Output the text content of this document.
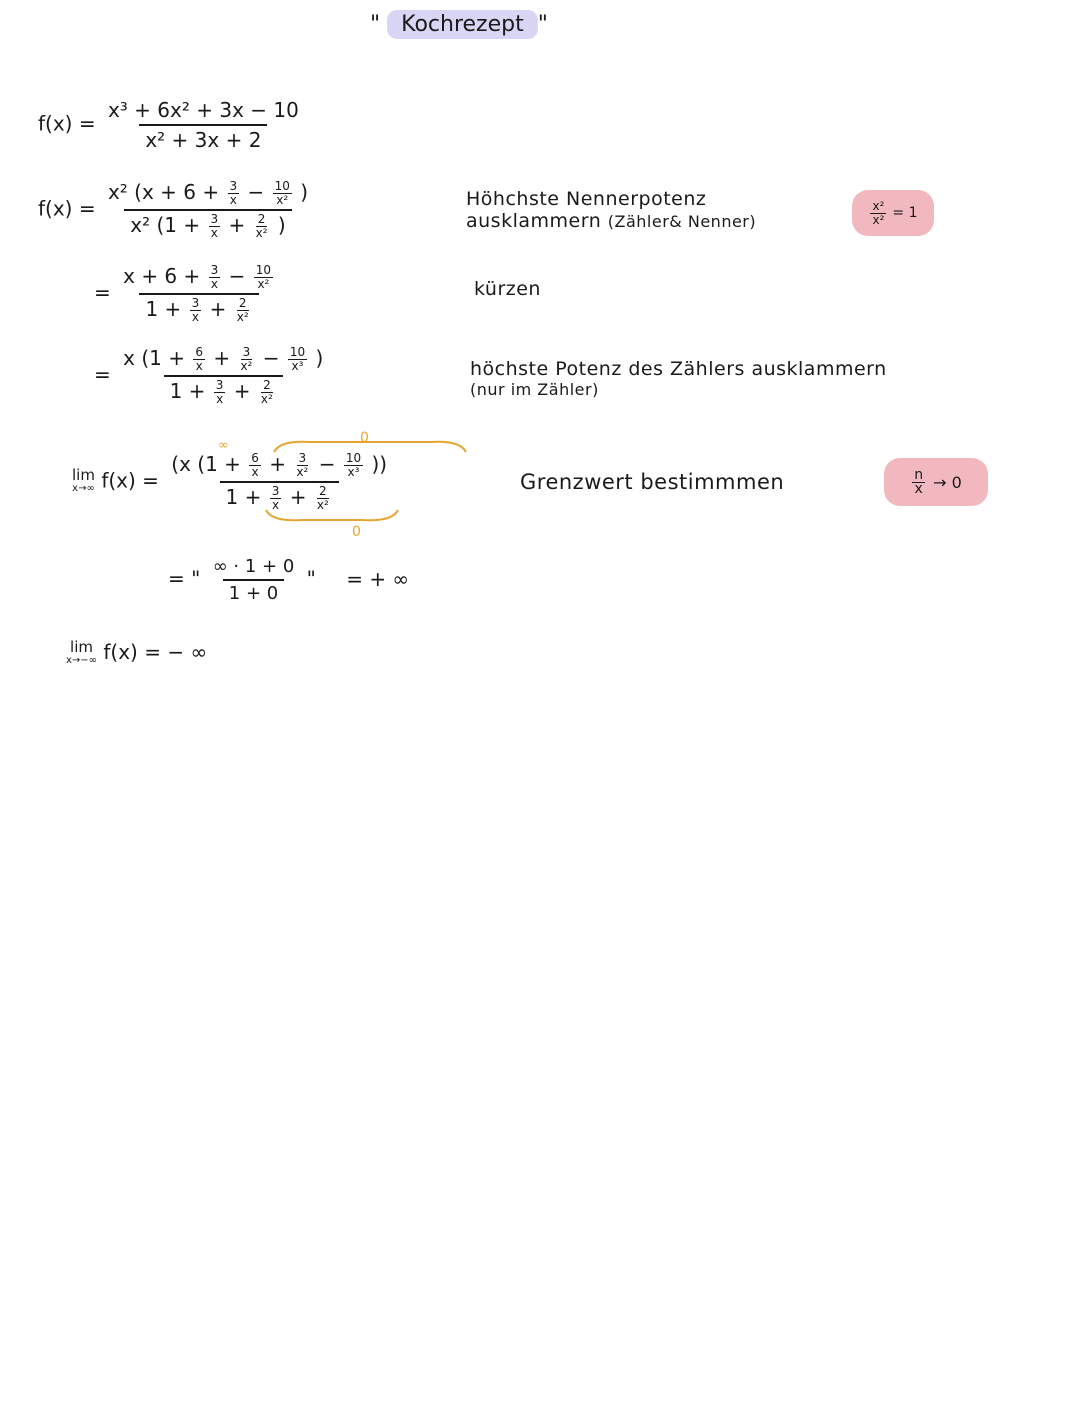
" Kochrezept "
$f(x) = \frac{\text{x³ + 6x² + 3x − 10}}{\text{x² + 3x + 2}}$
$f(x) = \frac{x^2 (x + 6 + \frac{3}{x} - \frac{10}{\text{x²}} )}{x^2 (1 + \frac{3}{x} + \frac{2}{\text{x²}} )}$
= $\frac{x + 6 + \frac{3}{x} - \frac{10}{\text{x²}}}{1 + \frac{3}{x} + \frac{2}{\text{x²}}}$
= $\frac{x (1 + \frac{6}{x} + \frac{3}{\text{x²}} - \frac{10}{\text{x³}} )}{1 + \frac{3}{x} + \frac{2}{\text{x²}}}$
lim
x→∞ f(x) =
(x ($1 + \frac{6}{x} + \frac{3}{\text{x²}} - \frac{10}{\text{x³}}$ ))
$1 + \frac{3}{x} + \frac{2}{\text{x²}}$
∞	0
0
= " $\frac{\infty \cdot 1 + 0}{1 + 0}$ " = + ∞
lim
x→−∞ f(x) = − ∞
Höhchste Nennerpotenz
ausklammern (Zähler& Nenner)
kürzen
höchste Potenz des Zählers ausklammern
(nur im Zähler)
Grenzwert bestimmmen
$\frac{\text{x²}}{\text{x²}} = 1$
$\frac{n}{x} \to 0$
